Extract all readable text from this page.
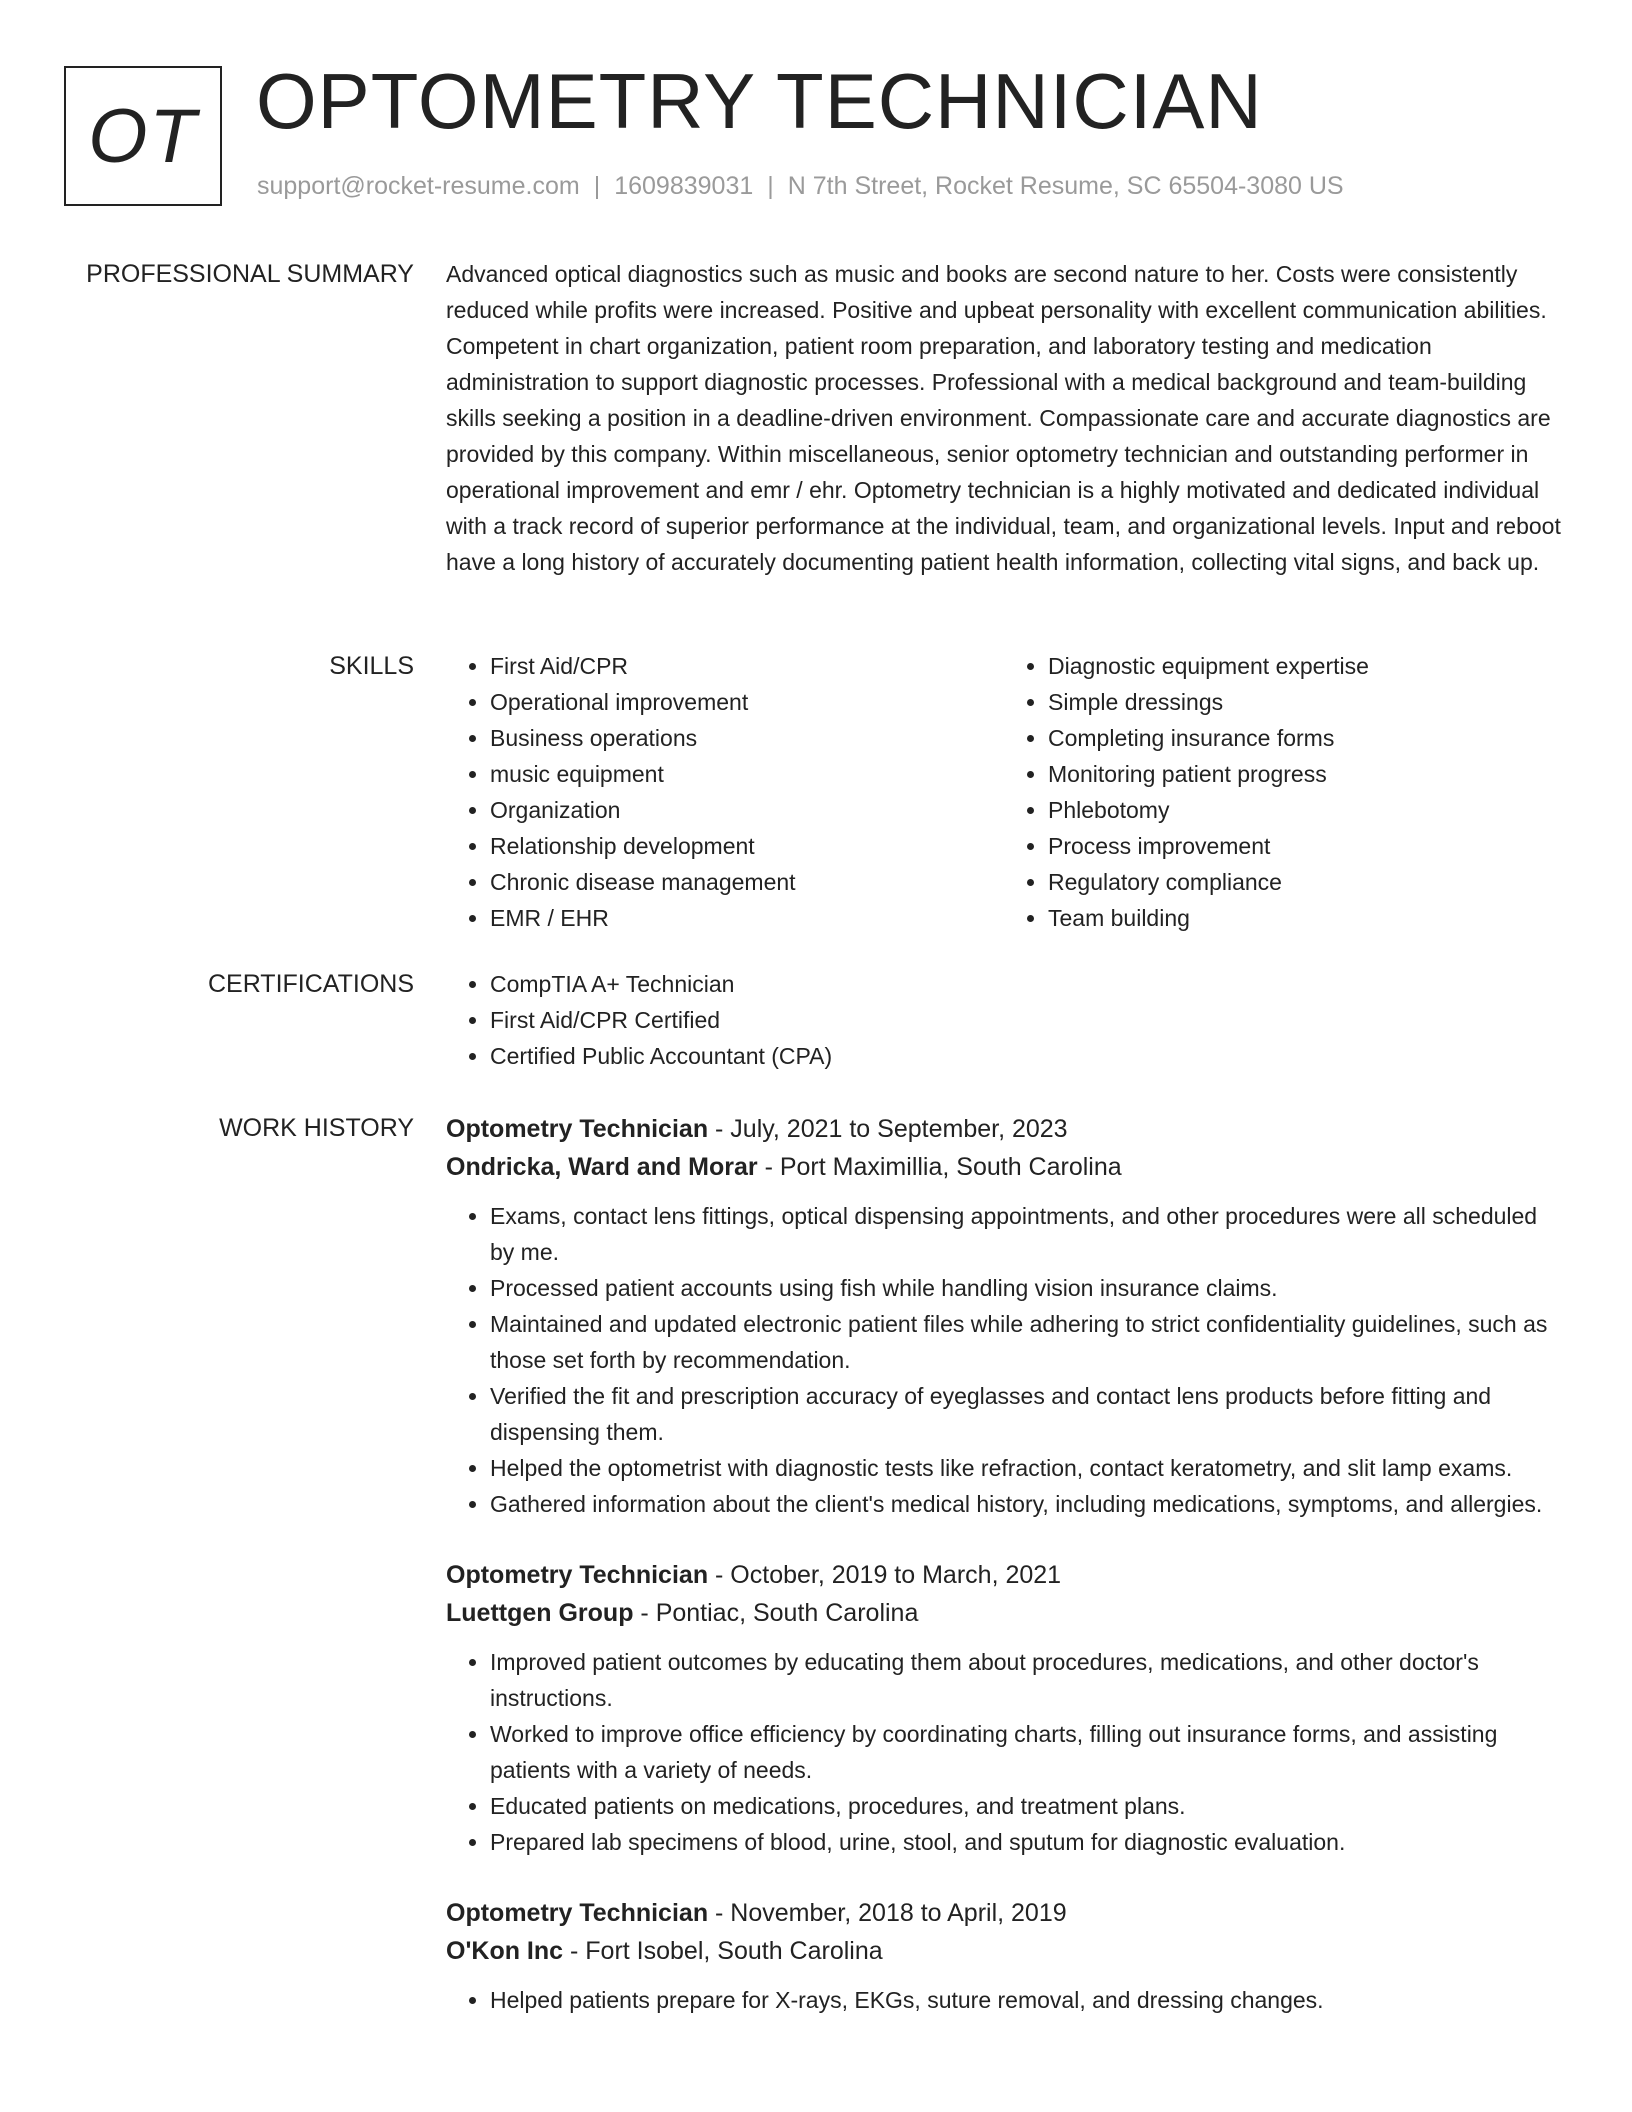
OT OPTOMETRY TECHNICIAN
support@rocket-resume.com | 1609839031 | N 7th Street, Rocket Resume, SC 65504-3080 US
PROFESSIONAL SUMMARY Advanced optical diagnostics such as music and books are second nature to her. Costs were consistently reduced while profits were increased. Positive and upbeat personality with excellent communication abilities. Competent in chart organization, patient room preparation, and laboratory testing and medication administration to support diagnostic processes. Professional with a medical background and team-building skills seeking a position in a deadline-driven environment. Compassionate care and accurate diagnostics are provided by this company. Within miscellaneous, senior optometry technician and outstanding performer in operational improvement and emr / ehr. Optometry technician is a highly motivated and dedicated individual with a track record of superior performance at the individual, team, and organizational levels. Input and reboot have a long history of accurately documenting patient health information, collecting vital signs, and back up.

SKILLS	• First Aid/CPR
• Operational improvement
• Business operations
• music equipment
• Organization
• Relationship development
• Chronic disease management
• EMR / EHR
• Diagnostic equipment expertise
• Simple dressings
• Completing insurance forms
• Monitoring patient progress
• Phlebotomy
• Process improvement
• Regulatory compliance
• Team building
CERTIFICATIONS	• CompTIA A+ Technician
• First Aid/CPR Certified
• Certified Public Accountant (CPA)
WORK HISTORY Optometry Technician - July, 2021 to September, 2023
Ondricka, Ward and Morar - Port Maximillia, South Carolina
• Exams, contact lens fittings, optical dispensing appointments, and other procedures were all scheduled by me.
• Processed patient accounts using fish while handling vision insurance claims.
• Maintained and updated electronic patient files while adhering to strict confidentiality guidelines, such as those set forth by recommendation.
• Verified the fit and prescription accuracy of eyeglasses and contact lens products before fitting and dispensing them.
• Helped the optometrist with diagnostic tests like refraction, contact keratometry, and slit lamp exams.
• Gathered information about the client's medical history, including medications, symptoms, and allergies.
Optometry Technician - October, 2019 to March, 2021
Luettgen Group - Pontiac, South Carolina
• Improved patient outcomes by educating them about procedures, medications, and other doctor's instructions.
• Worked to improve office efficiency by coordinating charts, filling out insurance forms, and assisting patients with a variety of needs.
• Educated patients on medications, procedures, and treatment plans.
• Prepared lab specimens of blood, urine, stool, and sputum for diagnostic evaluation.
Optometry Technician - November, 2018 to April, 2019
O'Kon Inc - Fort Isobel, South Carolina
• Helped patients prepare for X-rays, EKGs, suture removal, and dressing changes.
